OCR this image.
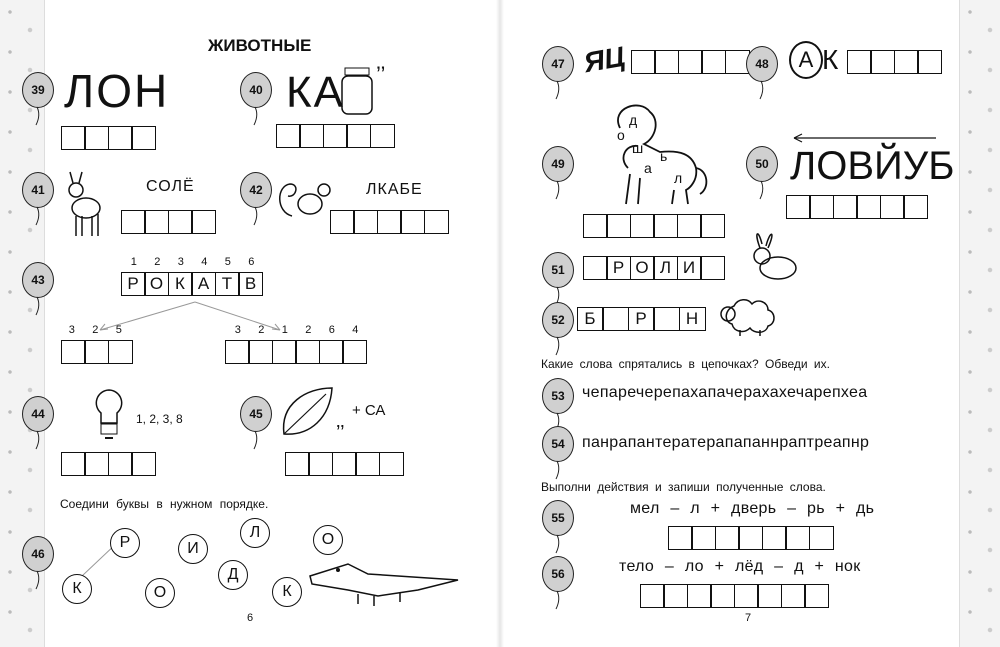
ЖИВОТНЫЕ
39 ЛОН	40 КА ’’
41	СОЛЁ	42	ЛКАБЕ
43
1	2	3	4	5	6
Р О К А Т В
3	2	5	3	2	1	2	6	4
44	1, 2, 3, 8	45
’’
+ СА
Соедини буквы в нужном порядке.
46
К
Р
О
И
Л
Д
О
К
6
47 ЯЦ	48	А К
49
д
о
ш
а
ь
л
50 ЛОВЙУБ
51	Р О Л И
52	Б	Р	Н
Какие слова спрятались в цепочках? Обведи их.
53	чепаречерепахапачерахахечарепхеа
54	панрапантератерапапаннраптреапнр
Выполни действия и запиши полученные слова.
55
мел – л + дверь – рь + дь
56	тело – ло + лёд – д + нок
7
